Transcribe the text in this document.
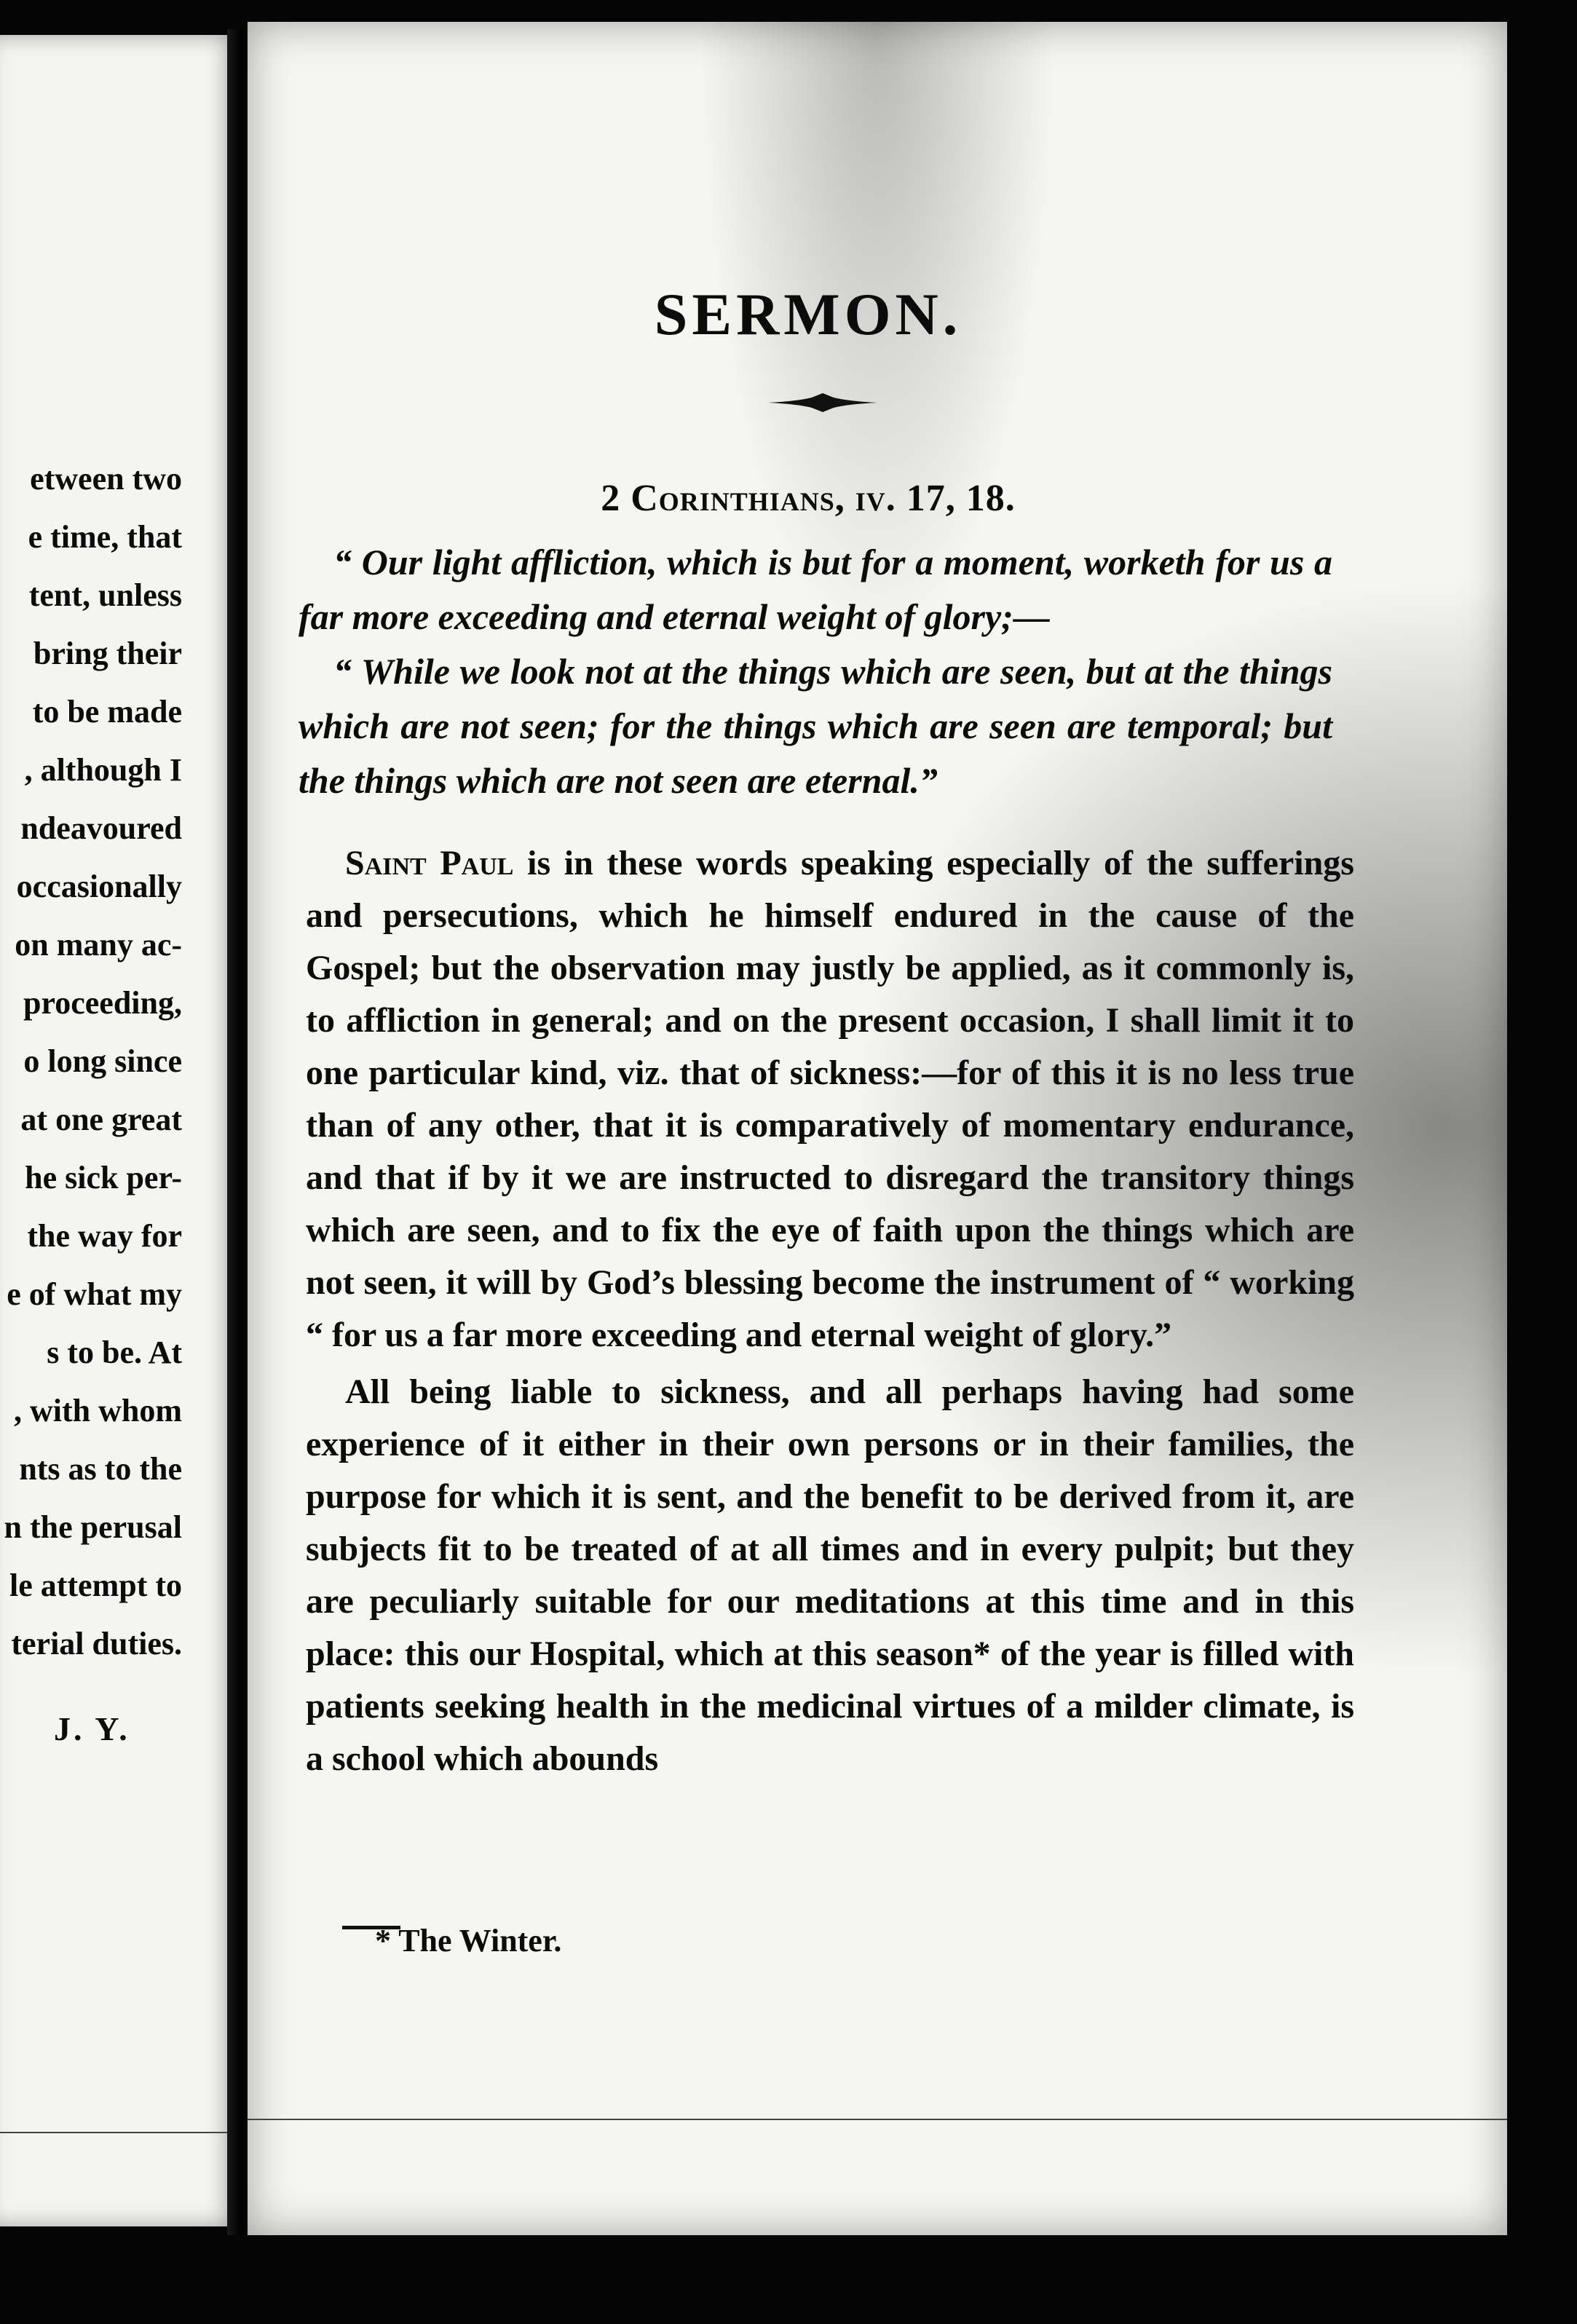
etween two
e time, that
tent, unless
bring their
to be made
, although I
ndeavoured
occasionally
on many ac-
proceeding,
o long since
at one great
he sick per-
the way for
e of what my
s to be. At
, with whom
nts as to the
n the perusal
le attempt to
terial duties.
J. Y.
SERMON.
2 Corinthians, iv. 17, 18.

“ Our light affliction, which is but for a moment, worketh for us a far more exceeding and eternal weight of glory;—

“ While we look not at the things which are seen, but at the things which are not seen; for the things which are seen are temporal; but the things which are not seen are eternal.”

Saint Paul is in these words speaking especially of the sufferings and persecutions, which he himself endured in the cause of the Gospel; but the observation may justly be applied, as it commonly is, to affliction in general; and on the present occasion, I shall limit it to one particular kind, viz. that of sickness:—for of this it is no less true than of any other, that it is comparatively of momentary endurance, and that if by it we are instructed to disregard the transitory things which are seen, and to fix the eye of faith upon the things which are not seen, it will by God’s blessing become the instrument of “ working “ for us a far more exceeding and eternal weight of glory.”

All being liable to sickness, and all perhaps having had some experience of it either in their own persons or in their families, the purpose for which it is sent, and the benefit to be derived from it, are subjects fit to be treated of at all times and in every pulpit; but they are peculiarly suitable for our meditations at this time and in this place: this our Hospital, which at this season* of the year is filled with patients seeking health in the medicinal virtues of a milder climate, is a school which abounds

* The Winter.
